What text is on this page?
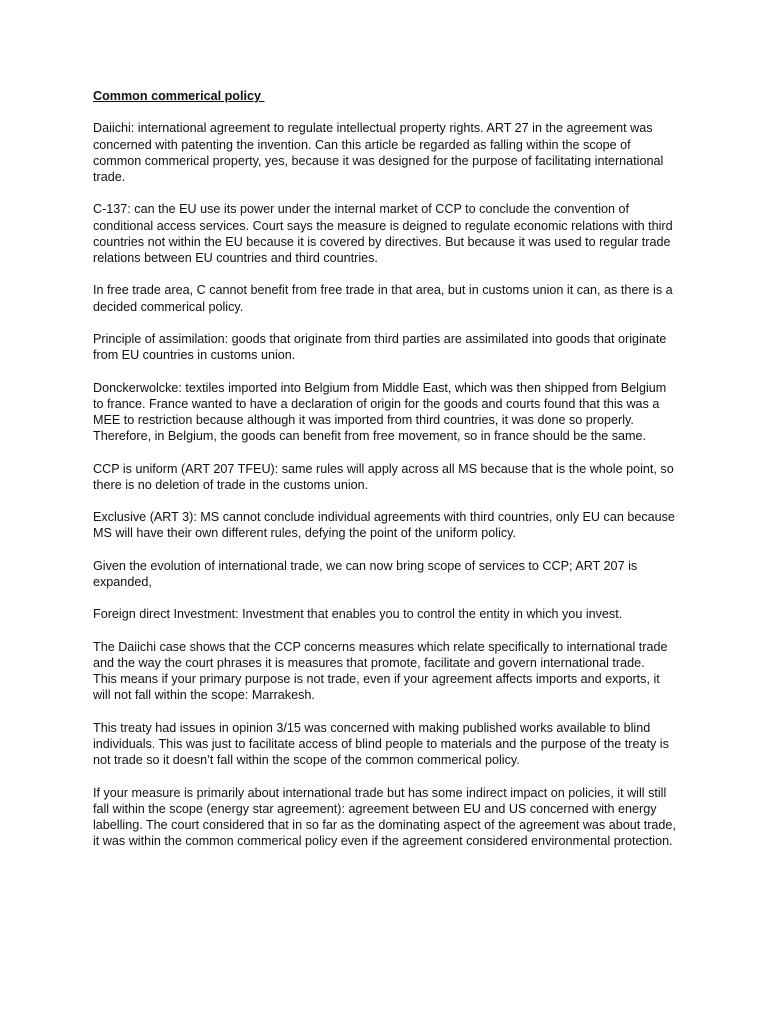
Common commerical policy

Daiichi: international agreement to regulate intellectual property rights. ART 27 in the agreement was concerned with patenting the invention. Can this article be regarded as falling within the scope of common commerical property, yes, because it was designed for the purpose of facilitating international trade.

C-137: can the EU use its power under the internal market of CCP to conclude the convention of conditional access services. Court says the measure is deigned to regulate economic relations with third countries not within the EU because it is covered by directives. But because it was used to regular trade relations between EU countries and third countries.

In free trade area, C cannot benefit from free trade in that area, but in customs union it can, as there is a decided commerical policy.

Principle of assimilation: goods that originate from third parties are assimilated into goods that originate from EU countries in customs union.

Donckerwolcke: textiles imported into Belgium from Middle East, which was then shipped from Belgium to france. France wanted to have a declaration of origin for the goods and courts found that this was a MEE to restriction because although it was imported from third countries, it was done so properly. Therefore, in Belgium, the goods can benefit from free movement, so in france should be the same.

CCP is uniform (ART 207 TFEU): same rules will apply across all MS because that is the whole point, so there is no deletion of trade in the customs union.

Exclusive (ART 3): MS cannot conclude individual agreements with third countries, only EU can because MS will have their own different rules, defying the point of the uniform policy.

Given the evolution of international trade, we can now bring scope of services to CCP; ART 207 is expanded,

Foreign direct Investment: Investment that enables you to control the entity in which you invest.

The Daiichi case shows that the CCP concerns measures which relate specifically to international trade and the way the court phrases it is measures that promote, facilitate and govern international trade.

This means if your primary purpose is not trade, even if your agreement affects imports and exports, it will not fall within the scope: Marrakesh.

This treaty had issues in opinion 3/15 was concerned with making published works available to blind individuals. This was just to facilitate access of blind people to materials and the purpose of the treaty is not trade so it doesn’t fall within the scope of the common commerical policy.

If your measure is primarily about international trade but has some indirect impact on policies, it will still fall within the scope (energy star agreement): agreement between EU and US concerned with energy labelling. The court considered that in so far as the dominating aspect of the agreement was about trade, it was within the common commerical policy even if the agreement considered environmental protection.
